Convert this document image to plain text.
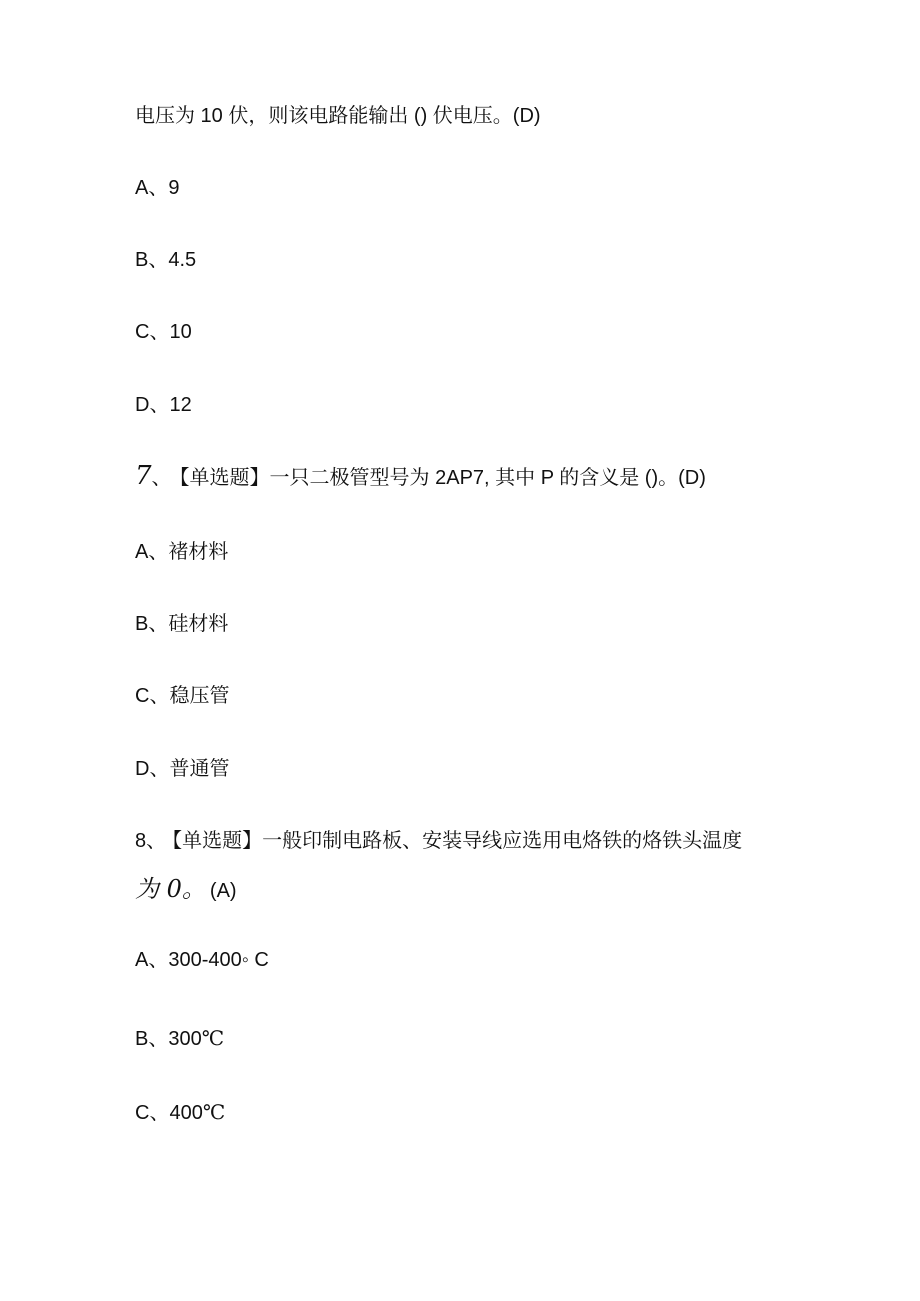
电压为 10 伏，则该电路能输出 () 伏电压。(D)
A、9
B、4.5
C、10
D、12
7、 【单选题】一只二极管型号为 2AP7, 其中 P 的含义是 ()。(D)
A、褚材料
B、硅材料
C、稳压管
D、普通管
8、 【单选题】一般印制电路板、安装导线应选用电烙铁的烙铁头温度
为 0。 (A)
A、300-400◦ C
B、300℃
C、400℃
